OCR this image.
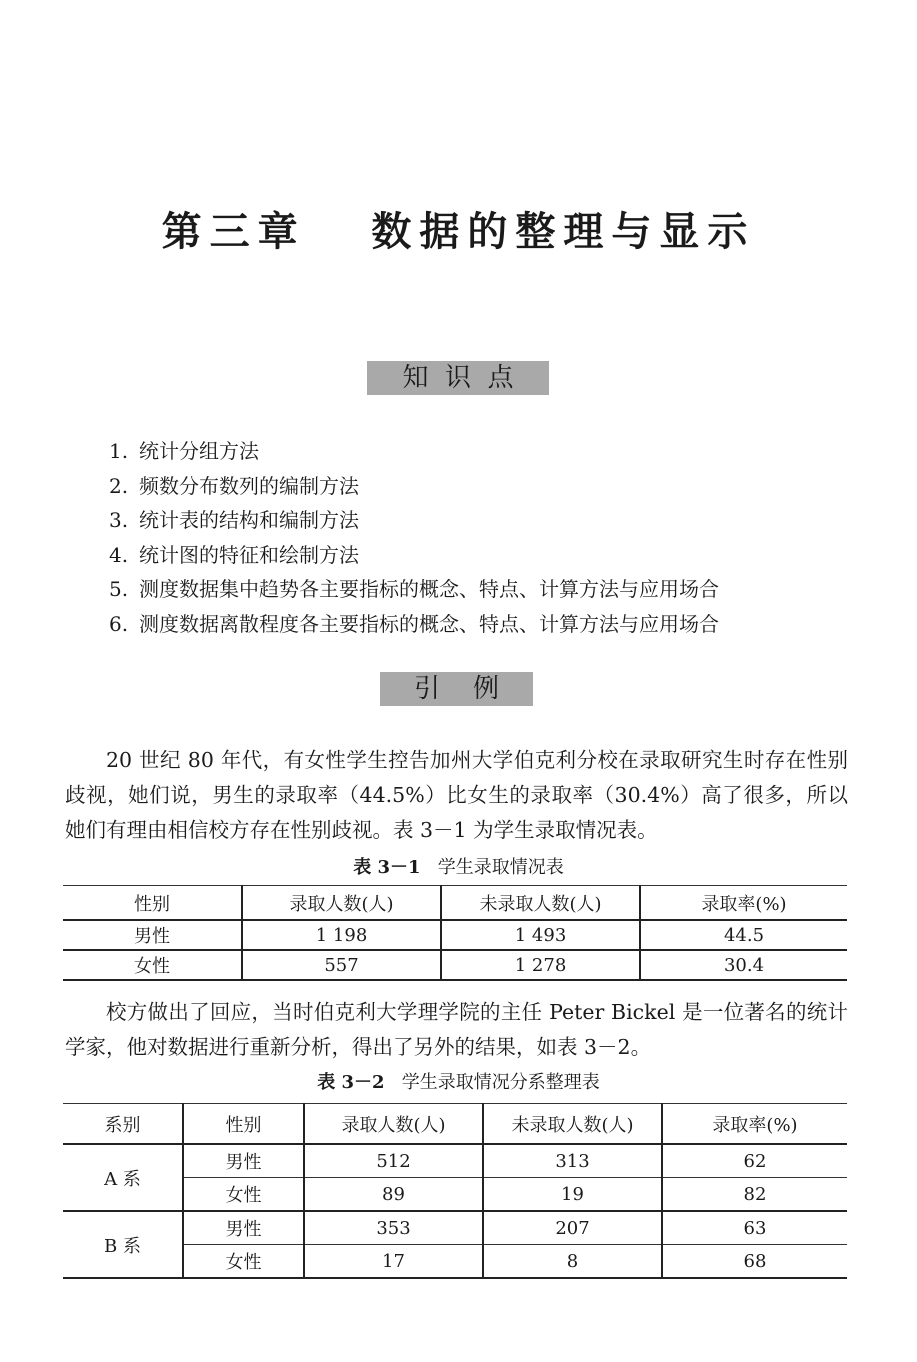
第三章   数据的整理与显示
知  识  点
1. 统计分组方法
2. 频数分布数列的编制方法
3. 统计表的结构和编制方法
4. 统计图的特征和绘制方法
5. 测度数据集中趋势各主要指标的概念、特点、计算方法与应用场合
6. 测度数据离散程度各主要指标的概念、特点、计算方法与应用场合
引    例

20 世纪 80 年代，有女性学生控告加州大学伯克利分校在录取研究生时存在性别歧视，她们说，男生的录取率（44.5%）比女生的录取率（30.4%）高了很多，所以她们有理由相信校方存在性别歧视。表 3－1 为学生录取情况表。

表 3－1 学生录取情况表
性别	录取人数(人)	未录取人数(人)	录取率(%)
男性	1 198	1 493	44.5
女性	557	1 278	30.4

校方做出了回应，当时伯克利大学理学院的主任 Peter Bickel 是一位著名的统计学家，他对数据进行重新分析，得出了另外的结果，如表 3－2。

表 3－2 学生录取情况分系整理表
系别	性别	录取人数(人)	未录取人数(人)	录取率(%)
A 系	男性	512	313	62
	女性	89	19	82
B 系	男性	353	207	63
	女性	17	8	68
